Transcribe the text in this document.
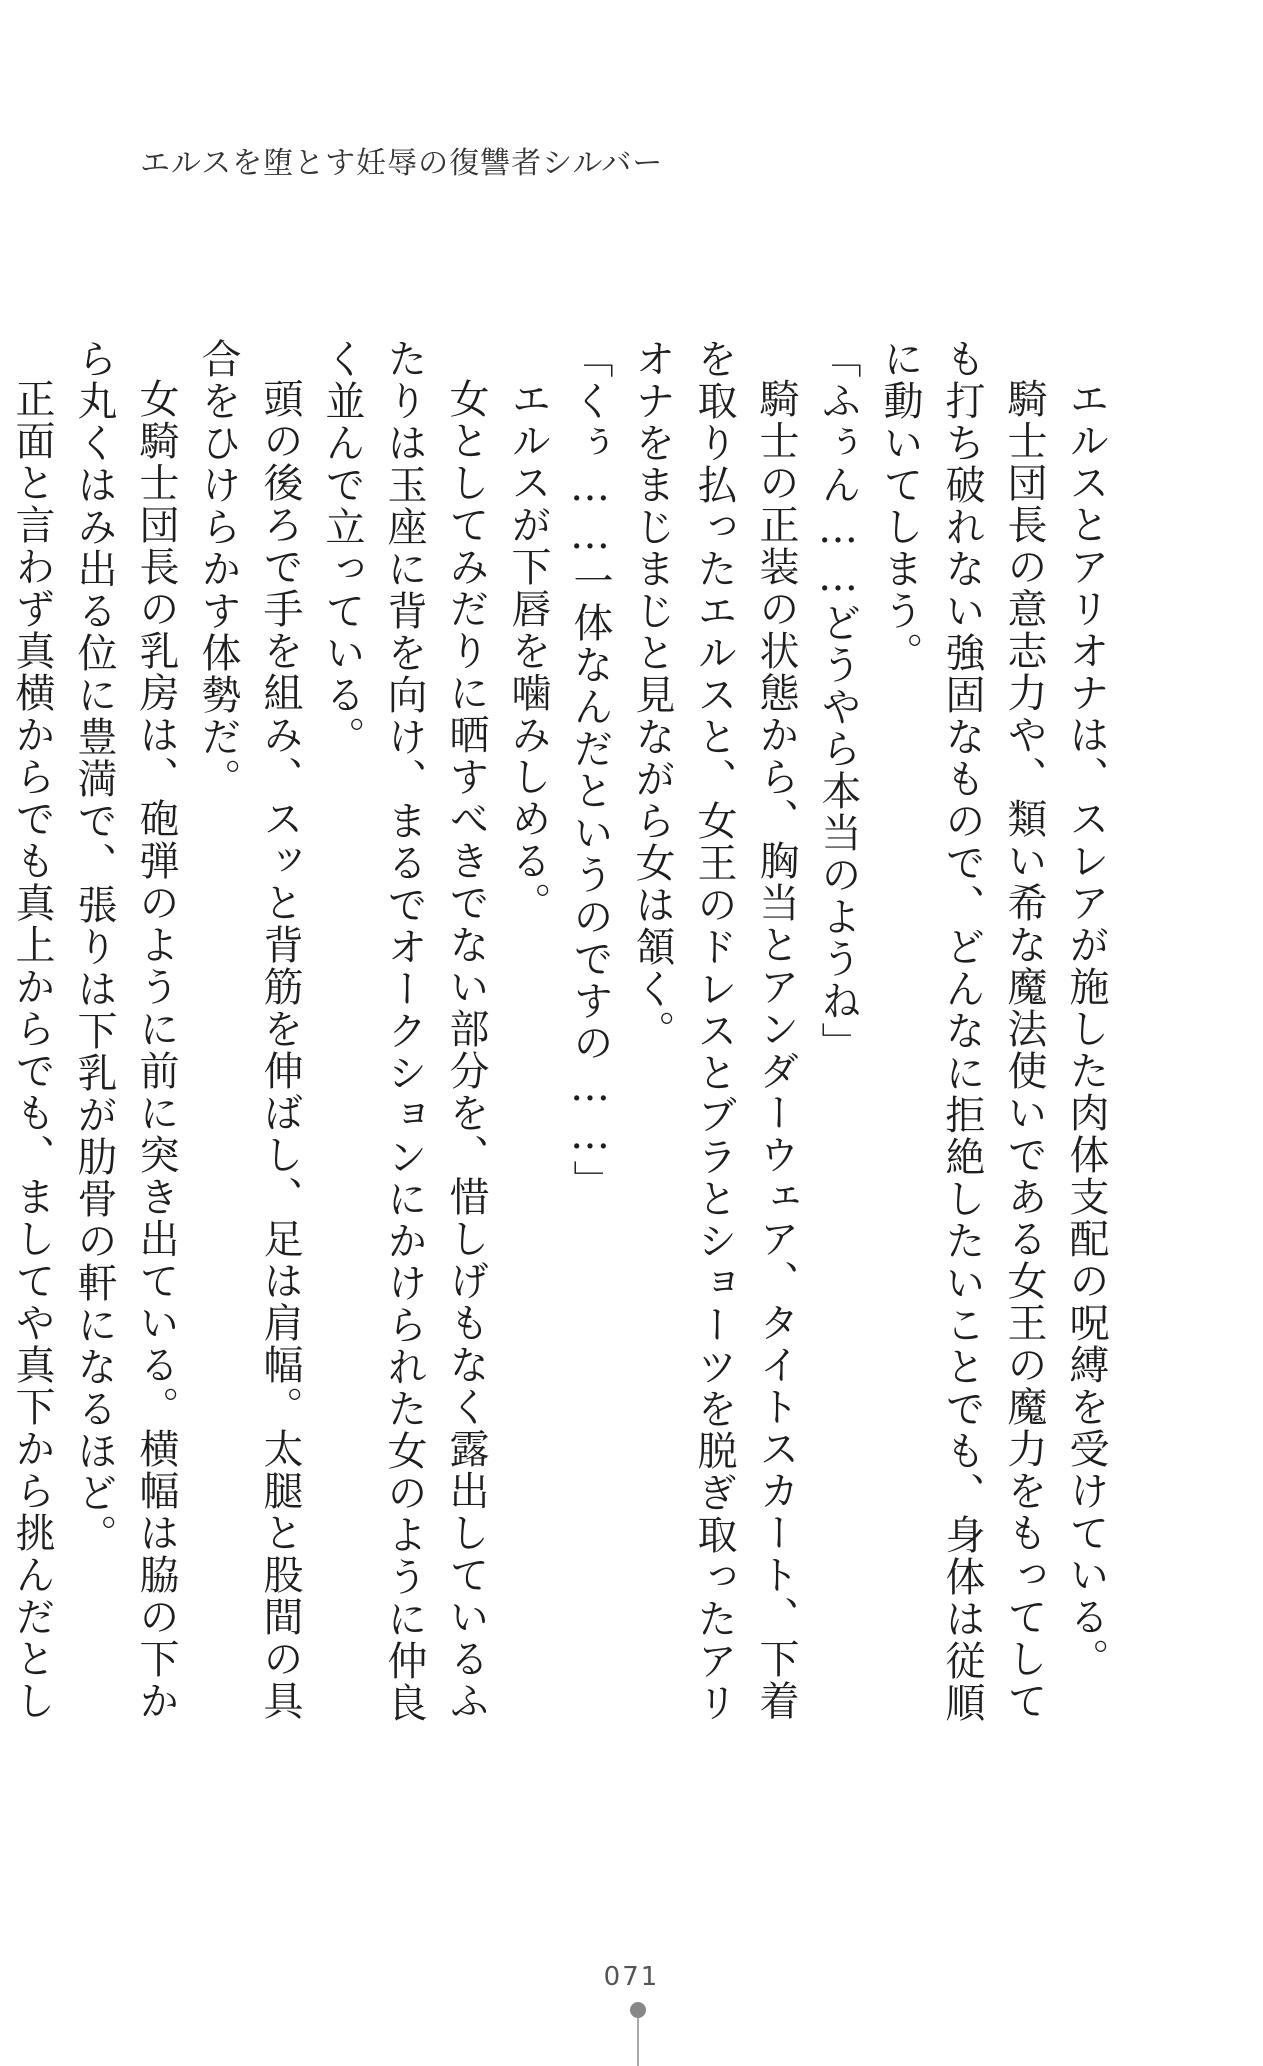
エルスを堕とす妊辱の復讐者シルバー

エルスとアリオナは、スレアが施した肉体支配の呪縛を受けている。

騎士団長の意志力や、類い希な魔法使いである女王の魔力をもってしても打ち破れない強固なもので、どんなに拒絶したいことでも、身体は従順に動いてしまう。

「ふぅん……どうやら本当のようね」

騎士の正装の状態から、胸当とアンダーウェア、タイトスカート、下着を取り払ったエルスと、女王のドレスとブラとショーツを脱ぎ取ったアリオナをまじまじと見ながら女は頷く。

「くぅ……一体なんだというのですの……」

エルスが下唇を噛みしめる。

女としてみだりに晒すべきでない部分を、惜しげもなく露出しているふたりは玉座に背を向け、まるでオークションにかけられた女のように仲良く並んで立っている。

頭の後ろで手を組み、スッと背筋を伸ばし、足は肩幅。太腿と股間の具合をひけらかす体勢だ。

女騎士団長の乳房は、砲弾のように前に突き出ている。横幅は脇の下から丸くはみ出る位に豊満で、張りは下乳が肋骨の軒になるほど。

正面と言わず真横からでも真上からでも、ましてや真下から挑んだとし

071
